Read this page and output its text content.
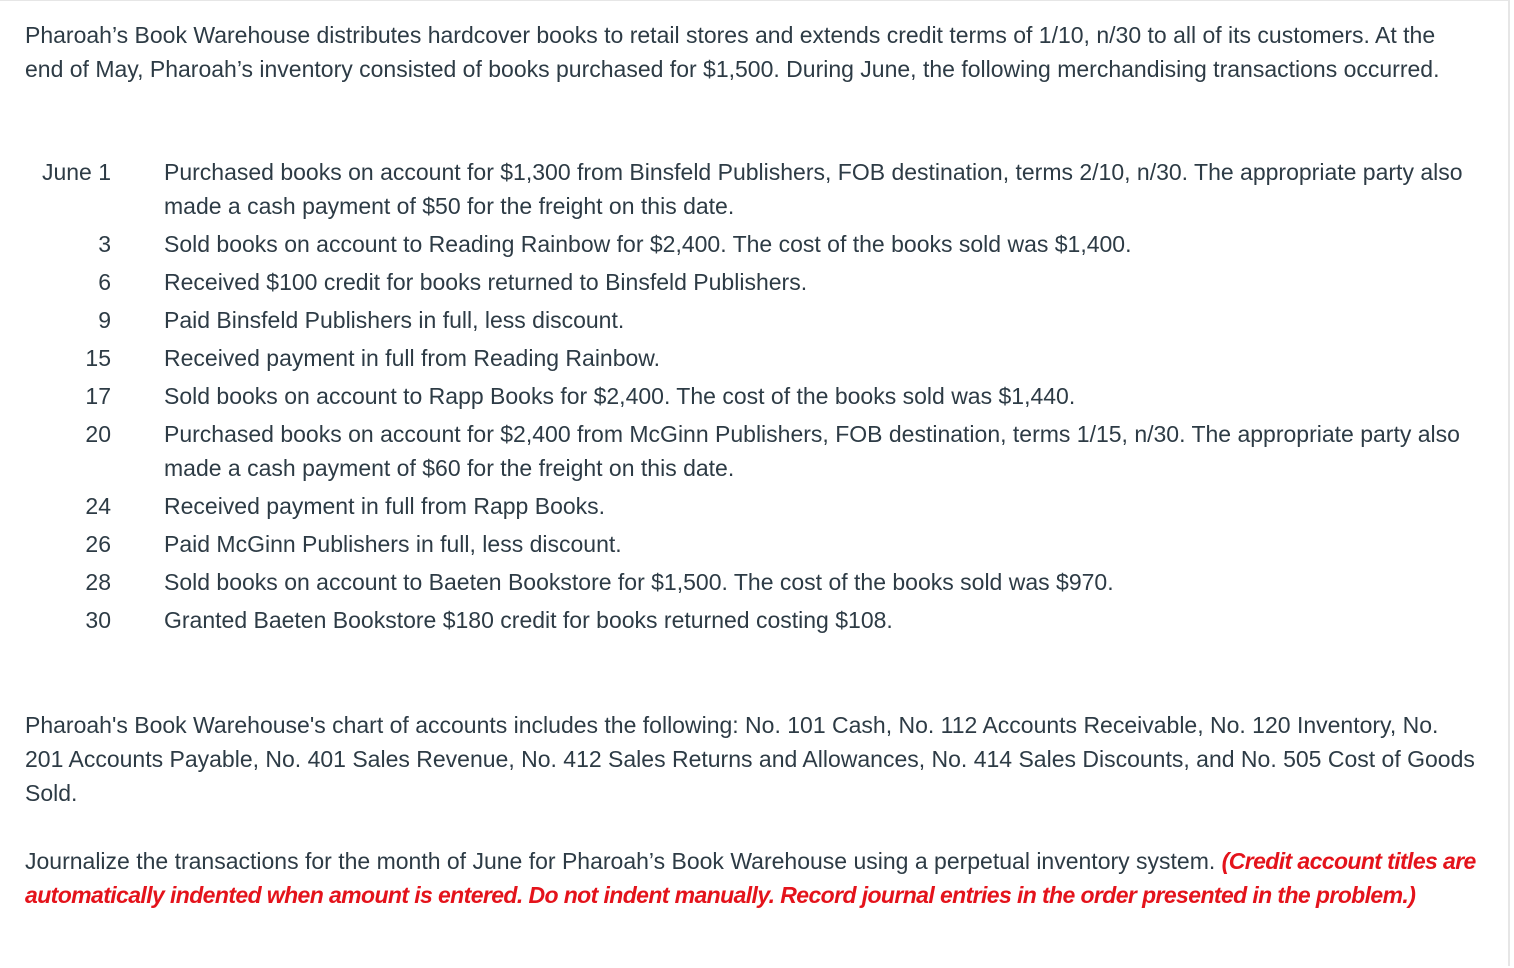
Pharoah’s Book Warehouse distributes hardcover books to retail stores and extends credit terms of 1/10, n/30 to all of its customers. At the end of May, Pharoah’s inventory consisted of books purchased for $1,500. During June, the following merchandising transactions occurred.

June 1 Purchased books on account for $1,300 from Binsfeld Publishers, FOB destination, terms 2/10, n/30. The appropriate party also made a cash payment of $50 for the freight on this date.
3 Sold books on account to Reading Rainbow for $2,400. The cost of the books sold was $1,400.
6 Received $100 credit for books returned to Binsfeld Publishers.
9 Paid Binsfeld Publishers in full, less discount.
15 Received payment in full from Reading Rainbow.
17 Sold books on account to Rapp Books for $2,400. The cost of the books sold was $1,440.
20 Purchased books on account for $2,400 from McGinn Publishers, FOB destination, terms 1/15, n/30. The appropriate party also made a cash payment of $60 for the freight on this date.
24 Received payment in full from Rapp Books.
26 Paid McGinn Publishers in full, less discount.
28 Sold books on account to Baeten Bookstore for $1,500. The cost of the books sold was $970.
30 Granted Baeten Bookstore $180 credit for books returned costing $108.

Pharoah's Book Warehouse's chart of accounts includes the following: No. 101 Cash, No. 112 Accounts Receivable, No. 120 Inventory, No. 201 Accounts Payable, No. 401 Sales Revenue, No. 412 Sales Returns and Allowances, No. 414 Sales Discounts, and No. 505 Cost of Goods Sold.

Journalize the transactions for the month of June for Pharoah’s Book Warehouse using a perpetual inventory system. (Credit account titles are automatically indented when amount is entered. Do not indent manually. Record journal entries in the order presented in the problem.)
